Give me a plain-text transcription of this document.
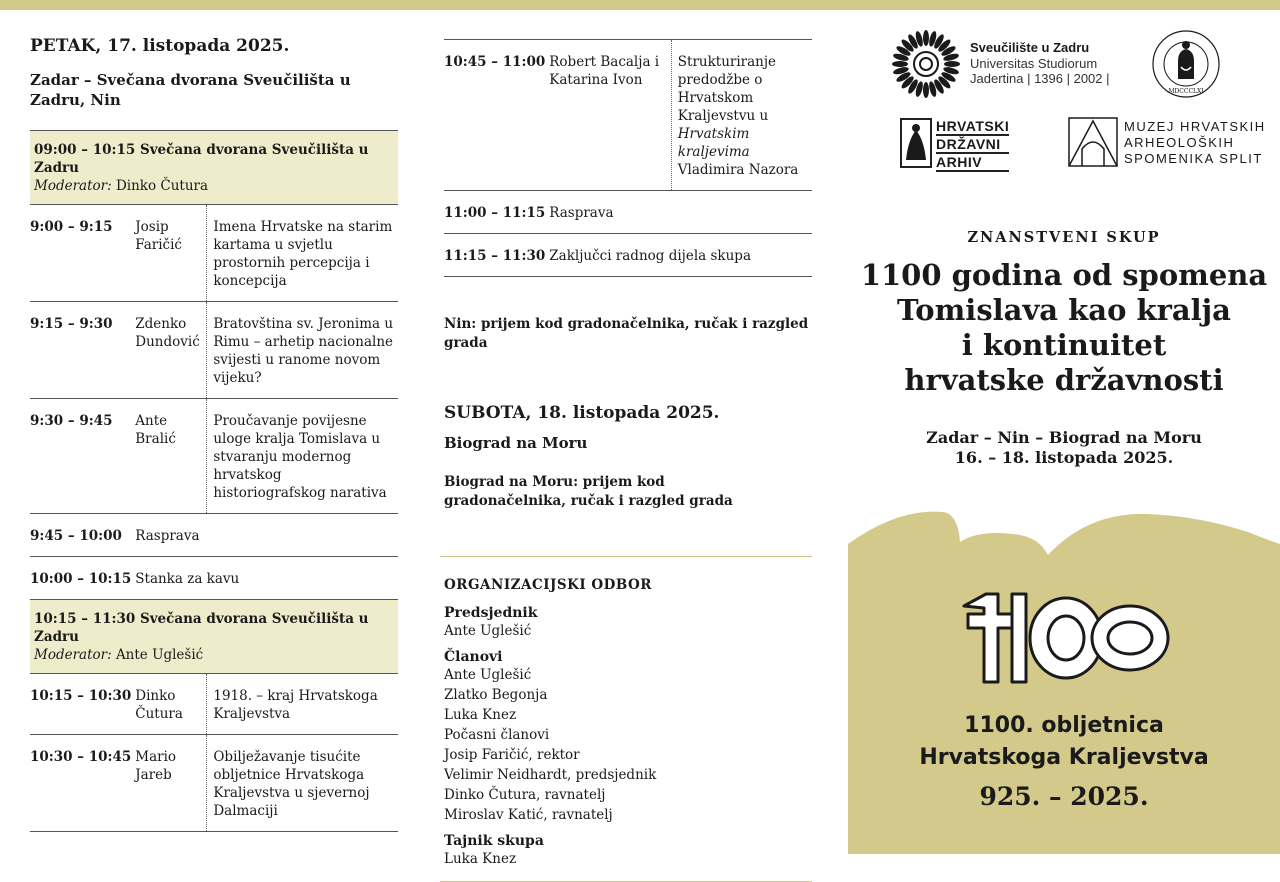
PETAK, 17. listopada 2025.
Zadar – Svečana dvorana Sveučilišta u Zadru, Nin
09:00 – 10:15 Svečana dvorana Sveučilišta u Zadru
Moderator: Dinko Čutura		

9:00 – 9:15	Josip Faričić	Imena Hrvatske na starim kartama u svjetlu prostornih percepcija i koncepcija
9:15 – 9:30	Zdenko Dundović	Bratovština sv. Jeronima u Rimu – arhetip nacionalne svijesti u ranome novom vijeku?
9:30 – 9:45	Ante Bralić	Proučavanje povijesne uloge kralja Tomislava u stvaranju modernog hrvatskog historiografskog narativa
9:45 – 10:00	Rasprava	
10:00 – 10:15	Stanka za kavu	

10:15 – 11:30 Svečana dvorana Sveučilišta u Zadru
Moderator: Ante Uglešić		

10:15 – 10:30	Dinko Čutura	1918. – kraj Hrvatskoga Kraljevstva
10:30 – 10:45	Mario Jareb	Obilježavanje tisućite obljetnice Hrvatskoga Kraljevstva u sjevernoj Dalmaciji
10:45 – 11:00	Robert Bacalja i Katarina Ivon	Strukturiranje predodžbe o Hrvatskom Kraljevstvu u Hrvatskim kraljevima Vladimira Nazora
11:00 – 11:15	Rasprava	
11:15 – 11:30	Zaključci radnog dijela skupa	
Nin: prijem kod gradonačelnika, ručak i razgled grada
SUBOTA, 18. listopada 2025.
Biograd na Moru
Biograd na Moru: prijem kod gradonačelnika, ručak i razgled grada
ORGANIZACIJSKI ODBOR
Predsjednik
Ante Uglešić
Članovi
Ante Uglešić
Zlatko Begonja
Luka Knez
Počasni članovi
Josip Faričić, rektor
Velimir Neidhardt, predsjednik
Dinko Čutura, ravnatelj
Miroslav Katić, ravnatelj
Tajnik skupa
Luka Knez
Sveučilište u Zadru
Universitas Studiorum
Jadertina | 1396 | 2002 |
MDCCCLXI
HRVATSKI
DRŽAVNI
ARHIV
MUZEJ HRVATSKIH
ARHEOLOŠKIH
SPOMENIKA SPLIT
ZNANSTVENI SKUP
1100 godina od spomena
Tomislava kao kralja
i kontinuitet
hrvatske državnosti
Zadar – Nin – Biograd na Moru
16. – 18. listopada 2025.
1100. obljetnica
Hrvatskoga Kraljevstva
925. – 2025.
